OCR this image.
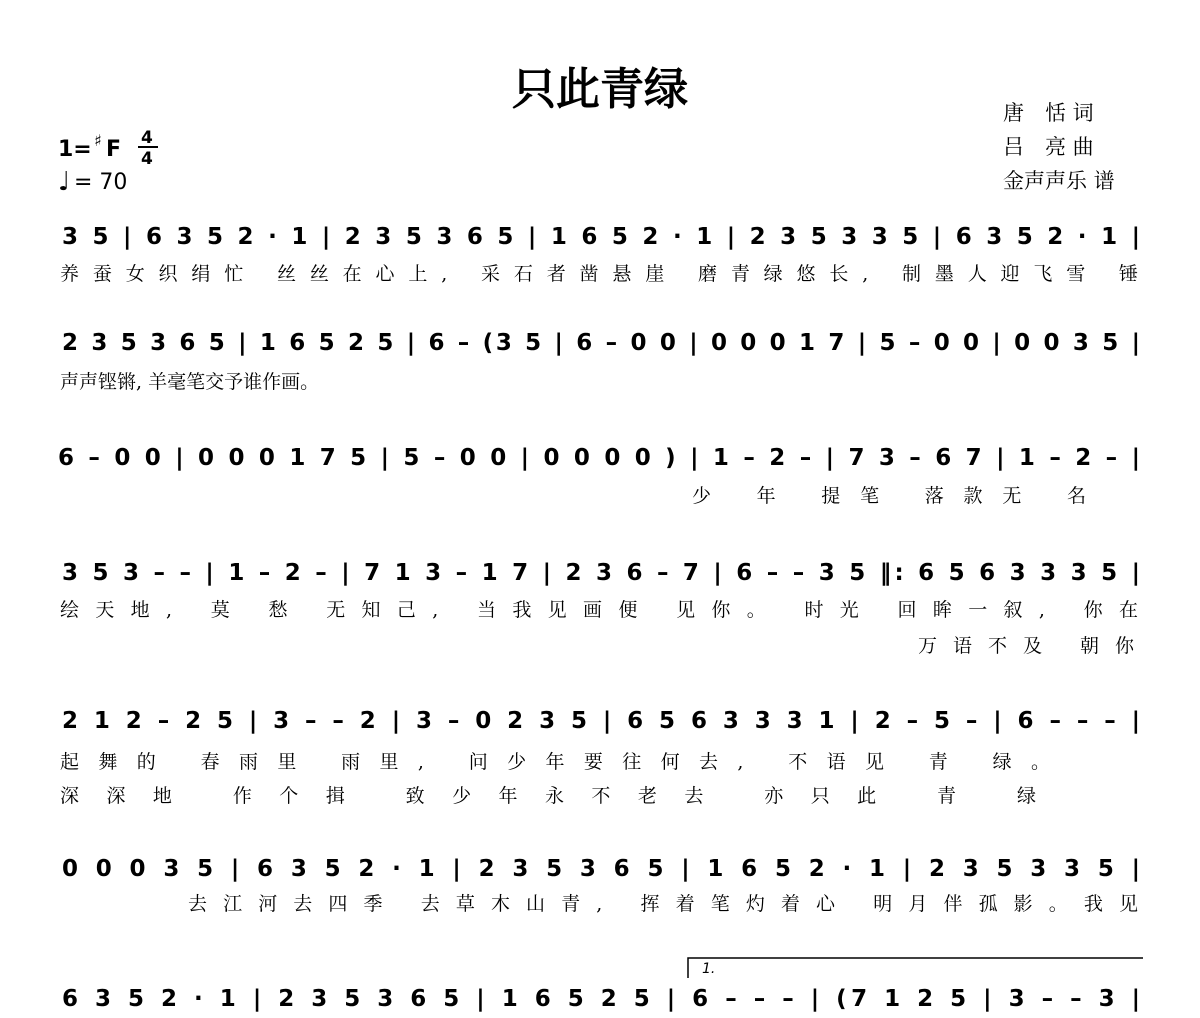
只此青绿	唐　恬 词
吕　亮 曲
金声声乐 谱
1= ♯ F 4
4
♩ = 70
3 5 | 6 3 5 2 · 1 | 2 3 5 3 6 5 | 1 6 5 2 · 1 | 2 3 5 3 3 5 | 6 3 5 2 · 1 |
养蚕女织绢忙 丝丝在心上, 采石者凿悬崖 磨青绿悠长, 制墨人迎飞雪 锤
2 3 5 3 6 5 | 1 6 5 2 5 | 6 – (3 5 | 6 – 0 0 | 0 0 0 1 7 | 5 – 0 0 | 0 0 3 5 |
声声铿锵, 羊毫笔交予谁作画。
6 – 0 0 | 0 0 0 1 7 5 | 5 – 0 0 | 0 0 0 0 ) | 1 – 2 – | 7 3 – 6 7 | 1 – 2 – |
少 年 提笔 落款无 名
3 5 3 – – | 1 – 2 – | 7 1 3 – 1 7 | 2 3 6 – 7 | 6 – – 3 5 ‖: 6 5 6 3 3 3 5 |
绘天地, 莫 愁 无知己, 当我见画便 见你。 时光 回眸一叙, 你在
万语不及 朝你
2 1 2 – 2 5 | 3 – – 2 | 3 – 0 2 3 5 | 6 5 6 3 3 3 1 | 2 – 5 – | 6 – – – |
起舞的 春雨里 雨里, 问少年要往何去, 不语见 青 绿。
深深地 作个揖 致少年永不老去 亦只此 青 绿
0 0 0 3 5 | 6 3 5 2 · 1 | 2 3 5 3 6 5 | 1 6 5 2 · 1 | 2 3 5 3 3 5 |
去江河去四季 去草木山青, 挥着笔灼着心 明月伴孤影。我见
1.
6 3 5 2 · 1 | 2 3 5 3 6 5 | 1 6 5 2 5 | 6 – – – | (7 1 2 5 | 3 – – 3 |
